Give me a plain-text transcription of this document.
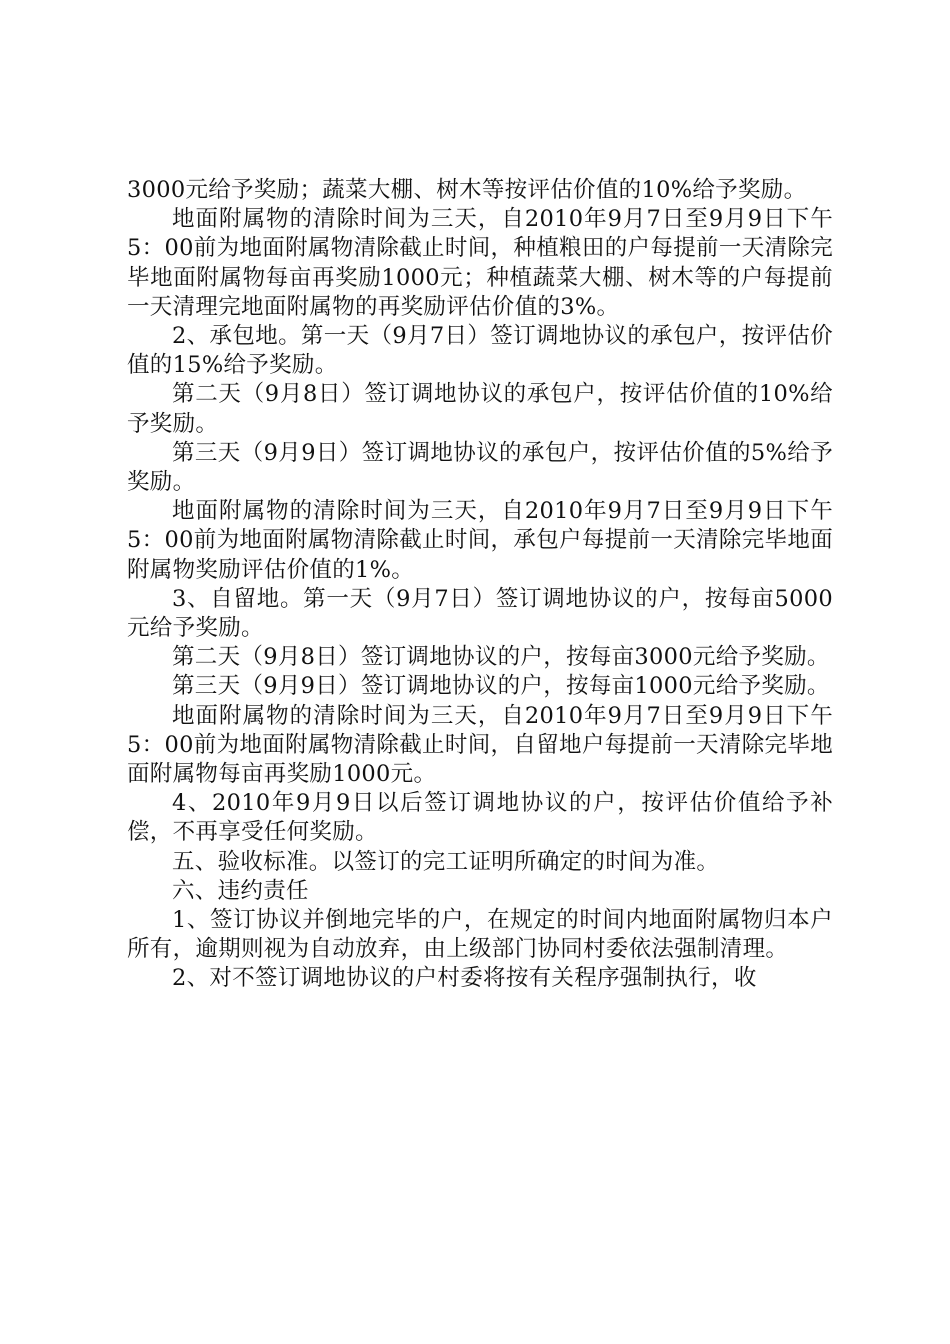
3000元给予奖励；蔬菜大棚、树木等按评估价值的10%给予奖励。

地面附属物的清除时间为三天，自2010年9月7日至9月9日下午5：00前为地面附属物清除截止时间，种植粮田的户每提前一天清除完毕地面附属物每亩再奖励1000元；种植蔬菜大棚、树木等的户每提前一天清理完地面附属物的再奖励评估价值的3%。

2、承包地。第一天（9月7日）签订调地协议的承包户，按评估价值的15%给予奖励。

第二天（9月8日）签订调地协议的承包户，按评估价值的10%给予奖励。

第三天（9月9日）签订调地协议的承包户，按评估价值的5%给予奖励。

地面附属物的清除时间为三天，自2010年9月7日至9月9日下午5：00前为地面附属物清除截止时间，承包户每提前一天清除完毕地面附属物奖励评估价值的1%。

3、自留地。第一天（9月7日）签订调地协议的户，按每亩5000元给予奖励。

第二天（9月8日）签订调地协议的户，按每亩3000元给予奖励。

第三天（9月9日）签订调地协议的户，按每亩1000元给予奖励。

地面附属物的清除时间为三天，自2010年9月7日至9月9日下午5：00前为地面附属物清除截止时间，自留地户每提前一天清除完毕地面附属物每亩再奖励1000元。

4、2010年9月9日以后签订调地协议的户，按评估价值给予补偿，不再享受任何奖励。

五、验收标准。以签订的完工证明所确定的时间为准。

六、违约责任

1、签订协议并倒地完毕的户，在规定的时间内地面附属物归本户所有，逾期则视为自动放弃，由上级部门协同村委依法强制清理。

2、对不签订调地协议的户村委将按有关程序强制执行，收
